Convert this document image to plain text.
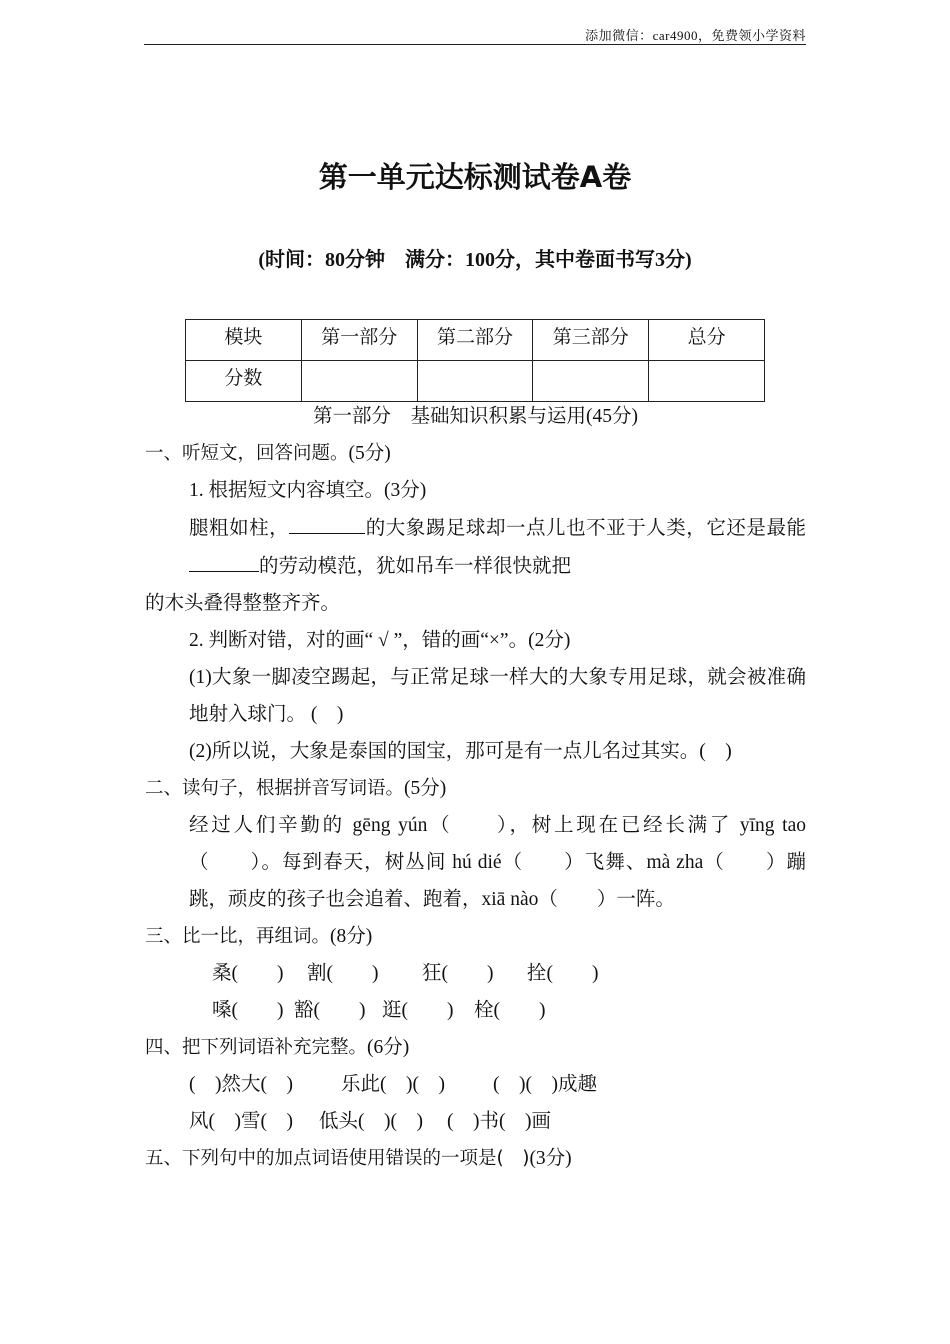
添加微信：car4900，免费领小学资料
第一单元达标测试卷A卷
(时间：80分钟　满分：100分，其中卷面书写3分)
模块	第一部分	第二部分	第三部分	总分
分数				
第一部分　基础知识积累与运用(45分)
一、听短文，回答问题。(5分)
1. 根据短文内容填空。(3分)
腿粗如柱，	的大象踢足球却一点儿也不亚于人类，它还是最能的劳动模范，犹如吊车一样很快就把
的木头叠得整整齐齐。
2. 判断对错，对的画“ √ ”，错的画“×”。(2分)
(1)大象一脚凌空踢起，与正常足球一样大的大象专用足球，就会被准确地射入球门。 (　)
(2)所以说，大象是泰国的国宝，那可是有一点儿名过其实。(　)
二、读句子，根据拼音写词语。(5分)
经过人们辛勤的 gēng yún（　　），树上现在已经长满了 yīng tao（　　）。每到春天，树丛间 hú dié（　　）飞舞、mà zha（　　）蹦跳，顽皮的孩子也会追着、跑着，xiā nào（　　）一阵。
三、比一比，再组词。(8分)
桑(　　) 割(　　) 狂(　　) 拴(　　)
嗓(　　) 豁(　　) 逛(　　) 栓(　　)
四、把下列词语补充完整。(6分)
(　)然大(　) 乐此(　)(　) (　)(　)成趣
风(　)雪(　) 低头(　)(　) (　)书(　)画
五、下列句中的加点词语使用错误的一项是(　)(3分)
